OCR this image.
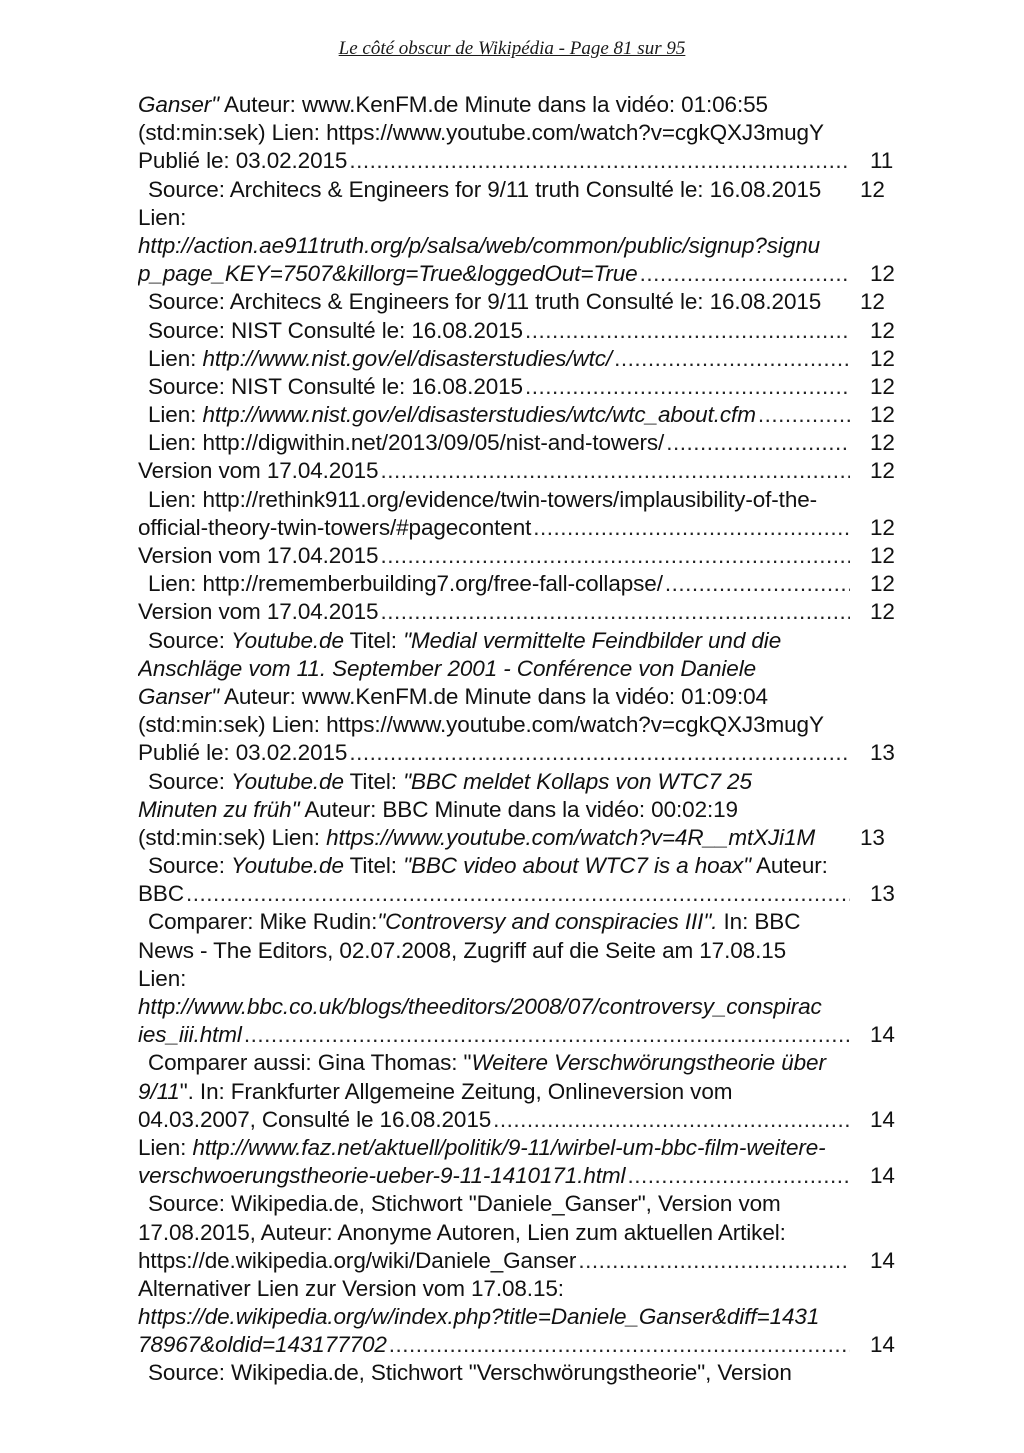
Le côté obscur de Wikipédia - Page 81 sur 95
Ganser" Auteur: www.KenFM.de Minute dans la vidéo: 01:06:55
(std:min:sek) Lien: https://www.youtube.com/watch?v=cgkQXJ3mugY
Publié le: 03.02.2015 .....	11
Source: Architecs & Engineers for 9/11 truth Consulté le: 16.08.2015	12
Lien:
http://action.ae911truth.org/p/salsa/web/common/public/signup?signu
p_page_KEY=7507&killorg=True&loggedOut=True .....	12
Source: Architecs & Engineers for 9/11 truth Consulté le: 16.08.2015	12
Source: NIST Consulté le: 16.08.2015 .....	12
Lien: http://www.nist.gov/el/disasterstudies/wtc/ .....	12
Source: NIST Consulté le: 16.08.2015 .....	12
Lien: http://www.nist.gov/el/disasterstudies/wtc/wtc_about.cfm .....	12
Lien: http://digwithin.net/2013/09/05/nist-and-towers/ .....	12
Version vom 17.04.2015 .....	12
Lien: http://rethink911.org/evidence/twin-towers/implausibility-of-the-
official-theory-twin-towers/#pagecontent .....	12
Version vom 17.04.2015 .....	12
Lien: http://rememberbuilding7.org/free-fall-collapse/ .....	12
Version vom 17.04.2015 .....	12
Source: Youtube.de Titel: "Medial vermittelte Feindbilder und die
Anschläge vom 11. September 2001 - Conférence von Daniele
Ganser" Auteur: www.KenFM.de Minute dans la vidéo: 01:09:04
(std:min:sek) Lien: https://www.youtube.com/watch?v=cgkQXJ3mugY
Publié le: 03.02.2015 .....	13
Source: Youtube.de Titel: "BBC meldet Kollaps von WTC7 25
Minuten zu früh" Auteur: BBC Minute dans la vidéo: 00:02:19
(std:min:sek) Lien: https://www.youtube.com/watch?v=4R__mtXJi1M	13
Source: Youtube.de Titel: "BBC video about WTC7 is a hoax" Auteur:
BBC .....	13
Comparer: Mike Rudin: "Controversy and conspiracies III". In: BBC
News - The Editors, 02.07.2008, Zugriff auf die Seite am 17.08.15
Lien:
http://www.bbc.co.uk/blogs/theeditors/2008/07/controversy_conspirac
ies_iii.html .....	14
Comparer aussi: Gina Thomas: " Weitere Verschwörungstheorie über
9/11 ". In: Frankfurter Allgemeine Zeitung, Onlineversion vom
04.03.2007, Consulté le 16.08.2015 .....	14
Lien: http://www.faz.net/aktuell/politik/9-11/wirbel-um-bbc-film-weitere-
verschwoerungstheorie-ueber-9-11-1410171.html .....	14
Source: Wikipedia.de, Stichwort "Daniele_Ganser", Version vom
17.08.2015, Auteur: Anonyme Autoren, Lien zum aktuellen Artikel:
https://de.wikipedia.org/wiki/Daniele_Ganser .....	14
Alternativer Lien zur Version vom 17.08.15:
https://de.wikipedia.org/w/index.php?title=Daniele_Ganser&diff=1431
78967&oldid=143177702 .....	14
Source: Wikipedia.de, Stichwort "Verschwörungstheorie", Version
